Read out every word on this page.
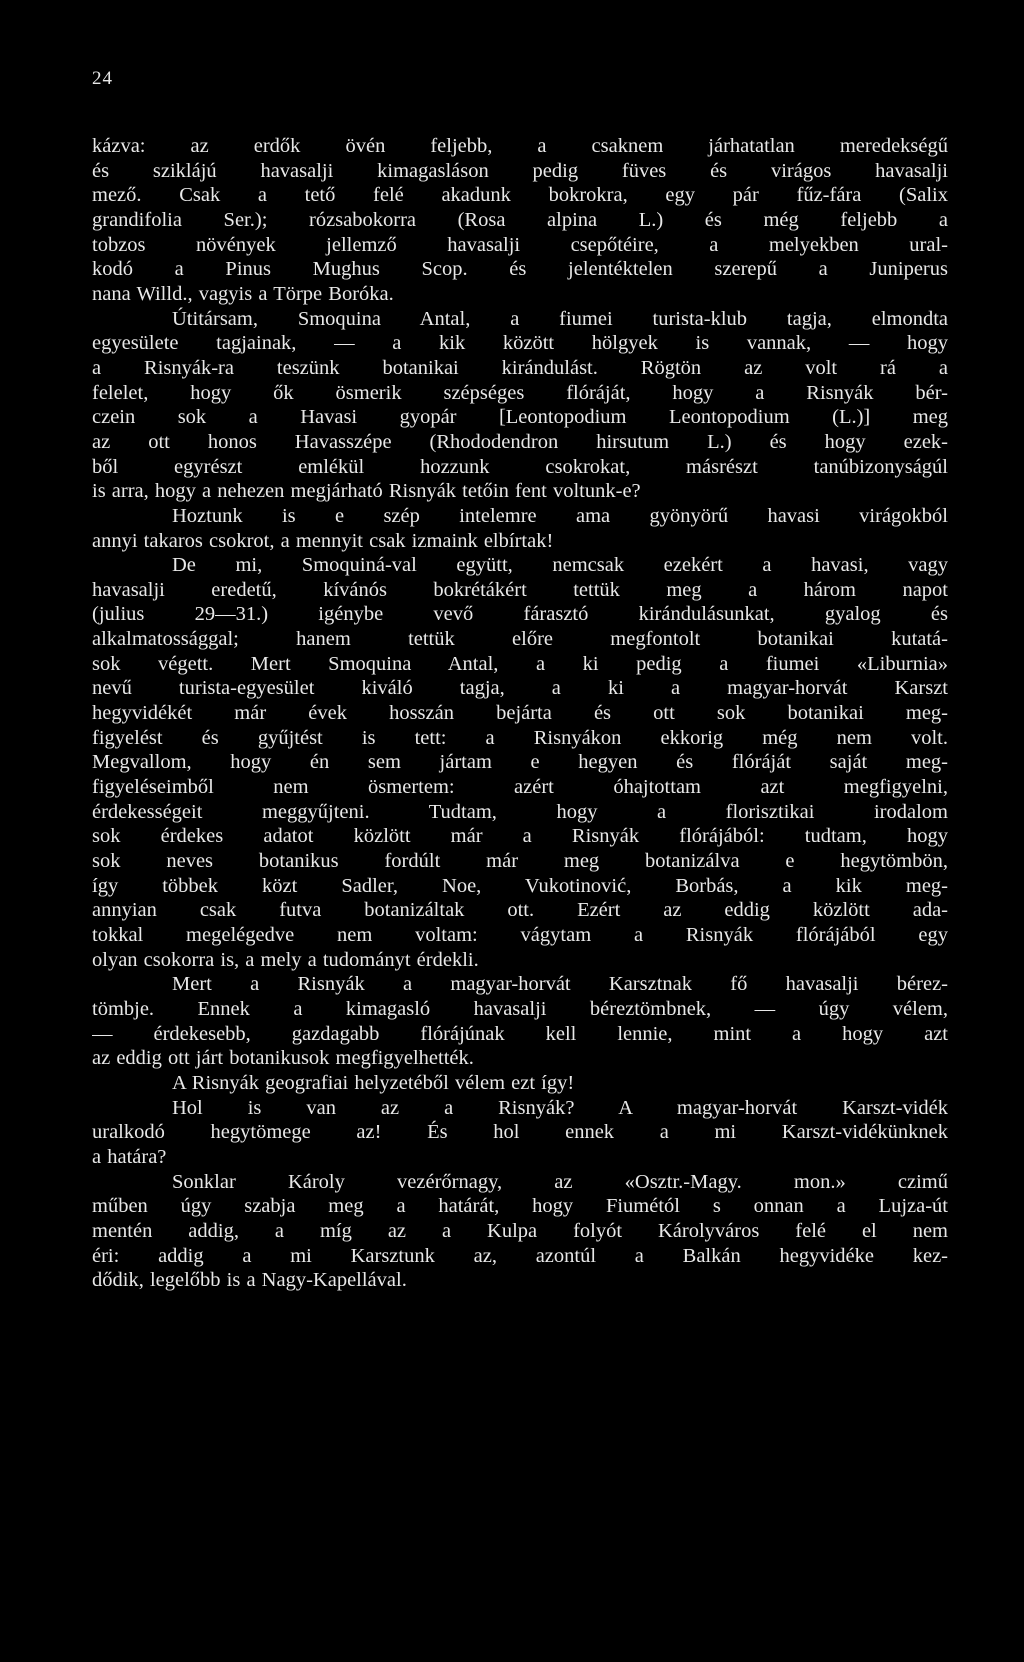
24
kázva: az erdők övén feljebb, a csaknem járhatatlan meredekségű
és sziklájú havasalji kimagasláson pedig füves és virágos havasalji
mező. Csak a tető felé akadunk bokrokra, egy pár fűz-fára (Salix
grandifolia Ser.); rózsabokorra (Rosa alpina L.) és még feljebb a
tobzos növények jellemző havasalji csepőtéire, a melyekben ural-
kodó a Pinus Mughus Scop. és jelentéktelen szerepű a Juniperus
nana Willd., vagyis a Törpe Boróka.
Útitársam, Smoquina Antal, a fiumei turista-klub tagja, elmondta
egyesülete tagjainak, — a kik között hölgyek is vannak, — hogy
a Risnyák-ra teszünk botanikai kirándulást. Rögtön az volt rá a
felelet, hogy ők ösmerik szépséges flóráját, hogy a Risnyák bér-
czein sok a Havasi gyopár [Leontopodium Leontopodium (L.)] meg
az ott honos Havasszépe (Rhododendron hirsutum L.) és hogy ezek-
ből egyrészt emlékül hozzunk csokrokat, másrészt tanúbizonyságúl
is arra, hogy a nehezen megjárható Risnyák tetőin fent voltunk-e?
Hoztunk is e szép intelemre ama gyönyörű havasi virágokból
annyi takaros csokrot, a mennyit csak izmaink elbírtak!
De mi, Smoquiná-val együtt, nemcsak ezekért a havasi, vagy
havasalji eredetű, kívánós bokrétákért tettük meg a három napot
(julius 29—31.) igénybe vevő fárasztó kirándulásunkat, gyalog és
alkalmatossággal; hanem tettük előre megfontolt botanikai kutatá-
sok végett. Mert Smoquina Antal, a ki pedig a fiumei «Liburnia»
nevű turista-egyesület kiváló tagja, a ki a magyar-horvát Karszt
hegyvidékét már évek hosszán bejárta és ott sok botanikai meg-
figyelést és gyűjtést is tett: a Risnyákon ekkorig még nem volt.
Megvallom, hogy én sem jártam e hegyen és flóráját saját meg-
figyeléseimből nem ösmertem: azért óhajtottam azt megfigyelni,
érdekességeit meggyűjteni. Tudtam, hogy a florisztikai irodalom
sok érdekes adatot közlött már a Risnyák flórájából: tudtam, hogy
sok neves botanikus fordúlt már meg botanizálva e hegytömbön,
így többek közt Sadler, Noe, Vukotinović, Borbás, a kik meg-
annyian csak futva botanizáltak ott. Ezért az eddig közlött ada-
tokkal megelégedve nem voltam: vágytam a Risnyák flórájából egy
olyan csokorra is, a mely a tudományt érdekli.
Mert a Risnyák a magyar-horvát Karsztnak fő havasalji bérez-
tömbje. Ennek a kimagasló havasalji béreztömbnek, — úgy vélem,
— érdekesebb, gazdagabb flórájúnak kell lennie, mint a hogy azt
az eddig ott járt botanikusok megfigyelhették.
A Risnyák geografiai helyzetéből vélem ezt így!
Hol is van az a Risnyák? A magyar-horvát Karszt-vidék
uralkodó hegytömege az! És hol ennek a mi Karszt-vidékünknek
a határa?
Sonklar Károly vezérőrnagy, az «Osztr.-Magy. mon.» czimű
műben úgy szabja meg a határát, hogy Fiumétól s onnan a Lujza-út
mentén addig, a míg az a Kulpa folyót Károlyváros felé el nem
éri: addig a mi Karsztunk az, azontúl a Balkán hegyvidéke kez-
dődik, legelőbb is a Nagy-Kapellával.
